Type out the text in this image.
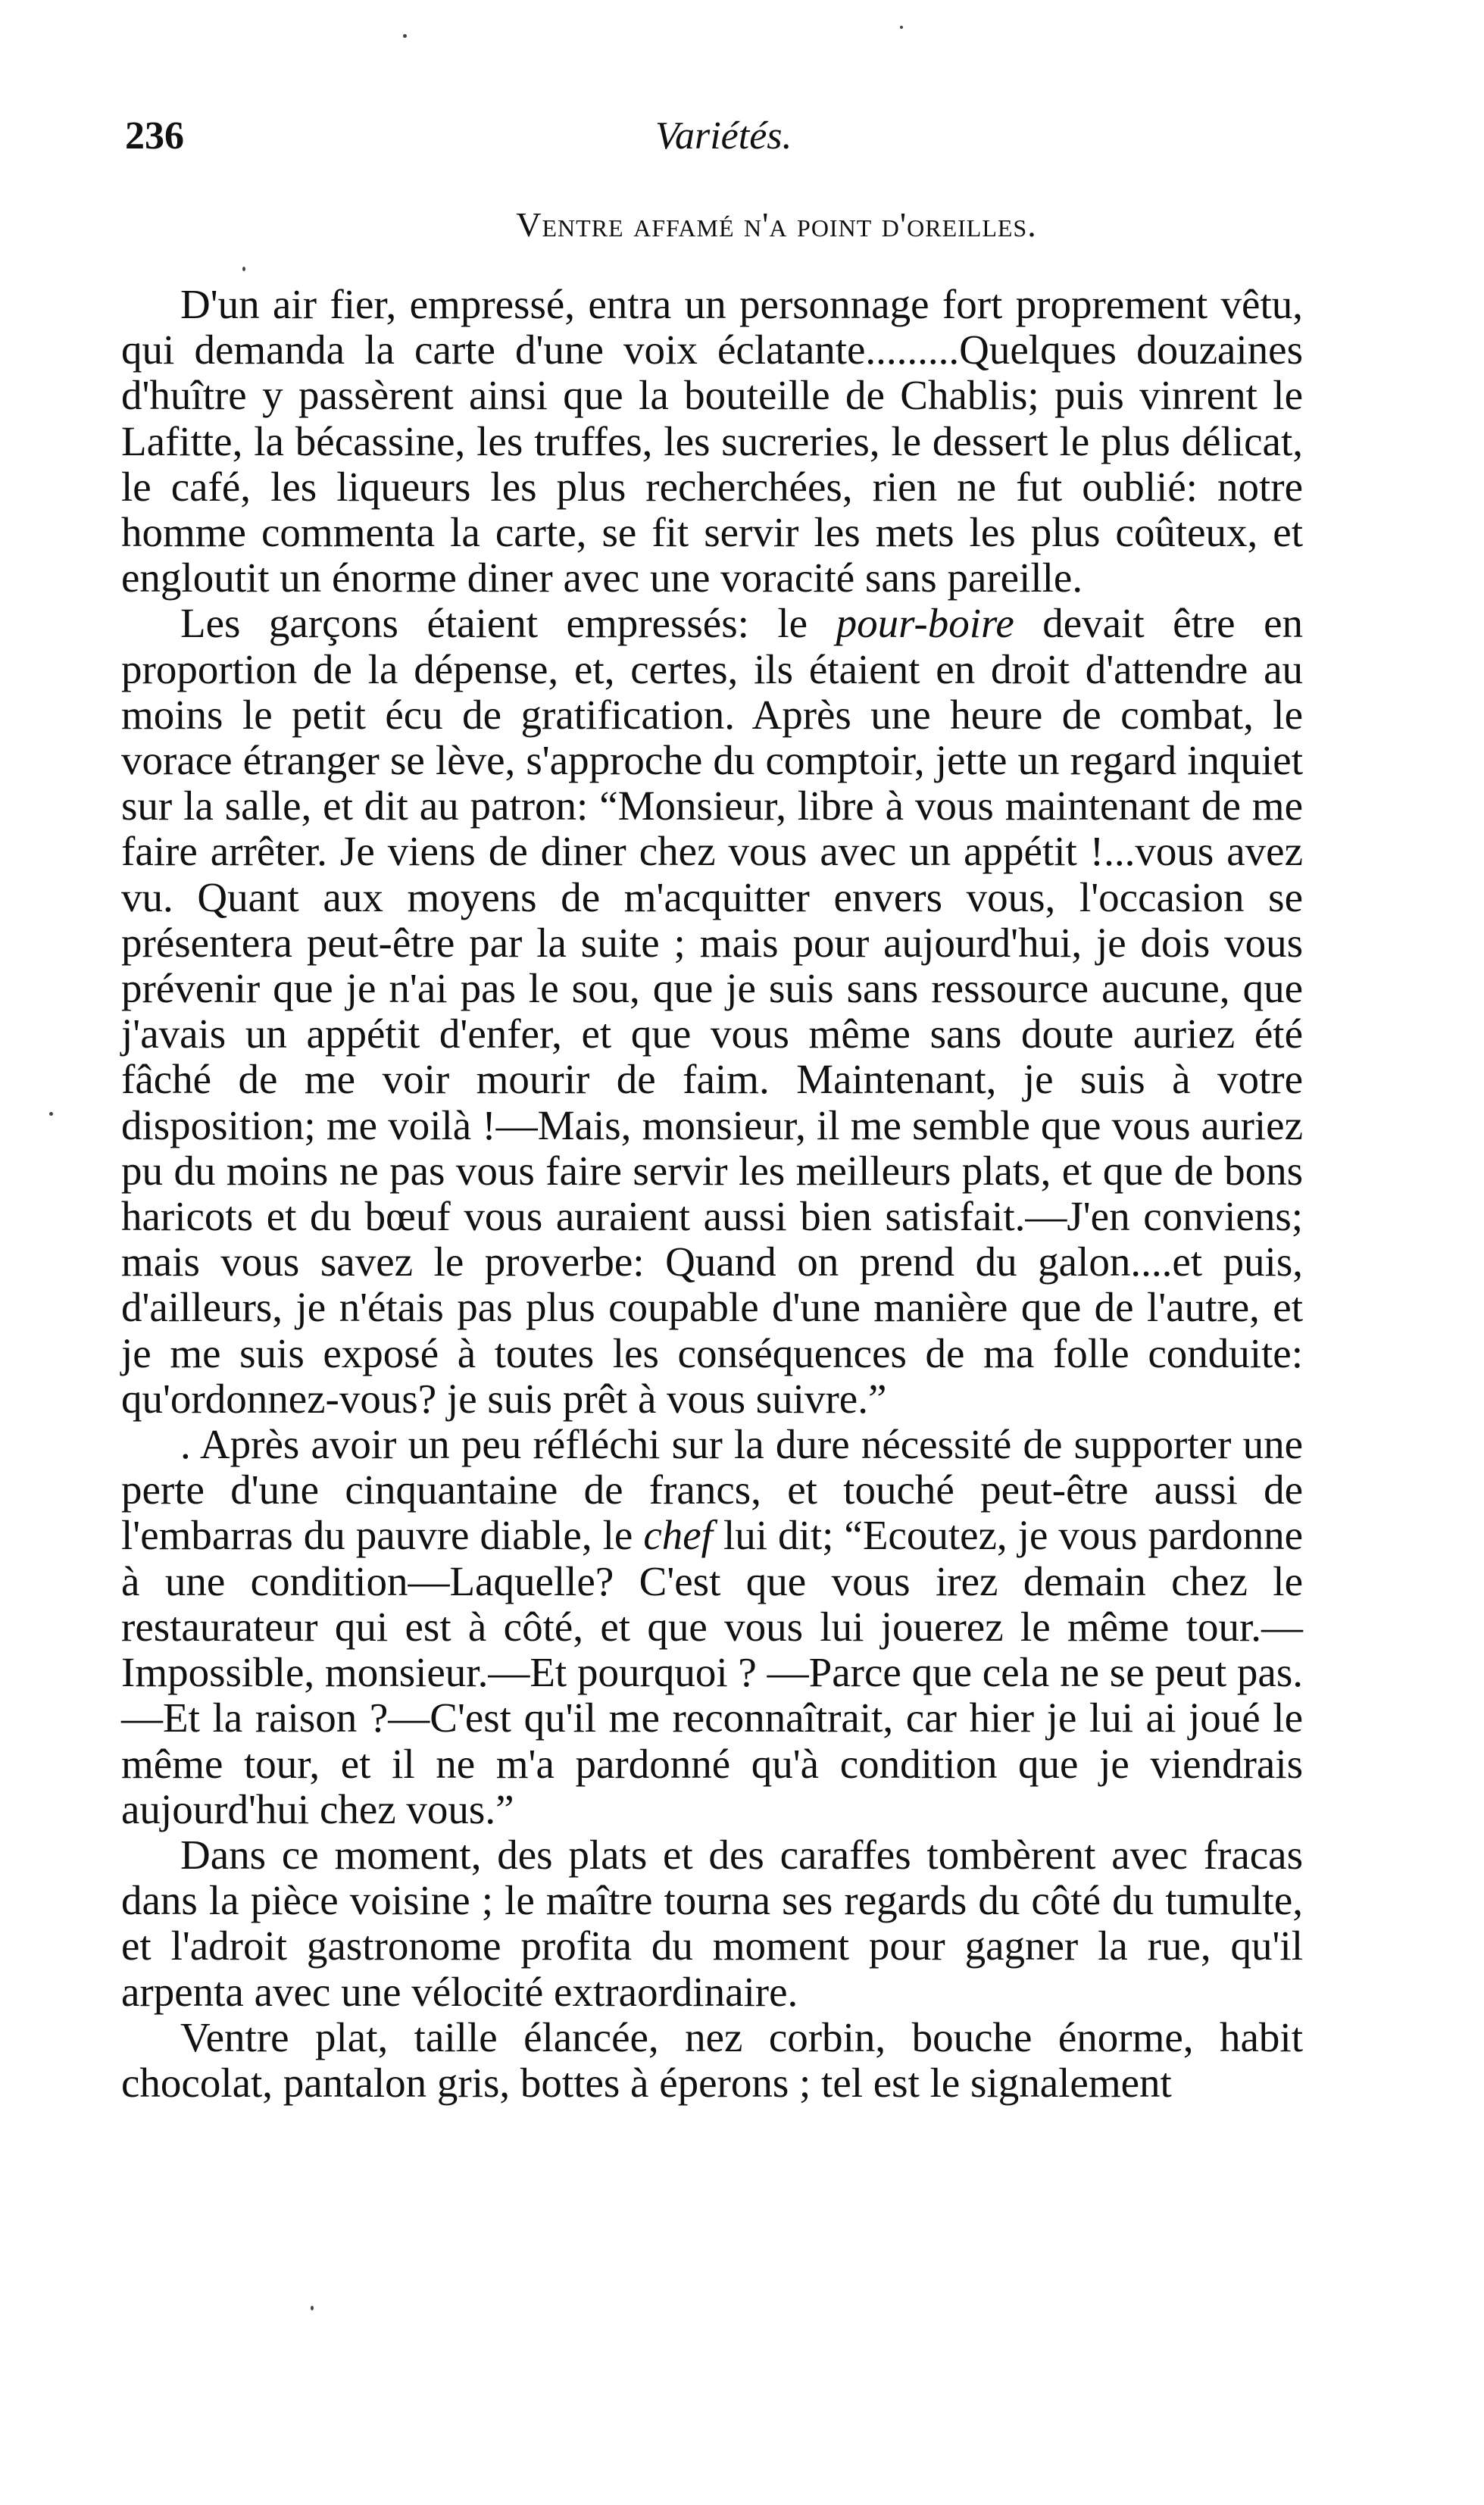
236	Variétés.
Ventre affamé n'a point d'oreilles.

D'un air fier, empressé, entra un personnage fort proprement vêtu, qui demanda la carte d'une voix éclatante.........Quelques douzaines d'huître y passèrent ainsi que la bouteille de Chablis; puis vinrent le Lafitte, la bécassine, les truffes, les sucreries, le dessert le plus délicat, le café, les liqueurs les plus recherchées, rien ne fut oublié: notre homme commenta la carte, se fit servir les mets les plus coûteux, et engloutit un énorme diner avec une voracité sans pareille.

Les garçons étaient empressés: le pour-boire devait être en proportion de la dépense, et, certes, ils étaient en droit d'attendre au moins le petit écu de gratification. Après une heure de combat, le vorace étranger se lève, s'approche du comptoir, jette un regard inquiet sur la salle, et dit au patron: “Monsieur, libre à vous maintenant de me faire arrêter. Je viens de diner chez vous avec un appétit !...vous avez vu. Quant aux moyens de m'acquitter envers vous, l'occasion se présentera peut-être par la suite ; mais pour aujourd'hui, je dois vous prévenir que je n'ai pas le sou, que je suis sans ressource aucune, que j'avais un appétit d'enfer, et que vous même sans doute auriez été fâché de me voir mourir de faim. Maintenant, je suis à votre disposition; me voilà !—Mais, monsieur, il me semble que vous auriez pu du moins ne pas vous faire servir les meilleurs plats, et que de bons haricots et du bœuf vous auraient aussi bien satisfait.—J'en conviens; mais vous savez le proverbe: Quand on prend du galon....et puis, d'ailleurs, je n'étais pas plus coupable d'une manière que de l'autre, et je me suis exposé à toutes les conséquences de ma folle conduite: qu'ordonnez-vous? je suis prêt à vous suivre.”

. Après avoir un peu réfléchi sur la dure nécessité de supporter une perte d'une cinquantaine de francs, et touché peut-être aussi de l'embarras du pauvre diable, le chef lui dit; “Ecoutez, je vous pardonne à une condition—Laquelle? C'est que vous irez demain chez le restaurateur qui est à côté, et que vous lui jouerez le même tour.—Impossible, monsieur.—Et pourquoi ? —Parce que cela ne se peut pas.—Et la raison ?—C'est qu'il me reconnaîtrait, car hier je lui ai joué le même tour, et il ne m'a pardonné qu'à condition que je viendrais aujourd'hui chez vous.”

Dans ce moment, des plats et des caraffes tombèrent avec fracas dans la pièce voisine ; le maître tourna ses regards du côté du tumulte, et l'adroit gastronome profita du moment pour gagner la rue, qu'il arpenta avec une vélocité extraordinaire.

Ventre plat, taille élancée, nez corbin, bouche énorme, habit chocolat, pantalon gris, bottes à éperons ; tel est le signalement
